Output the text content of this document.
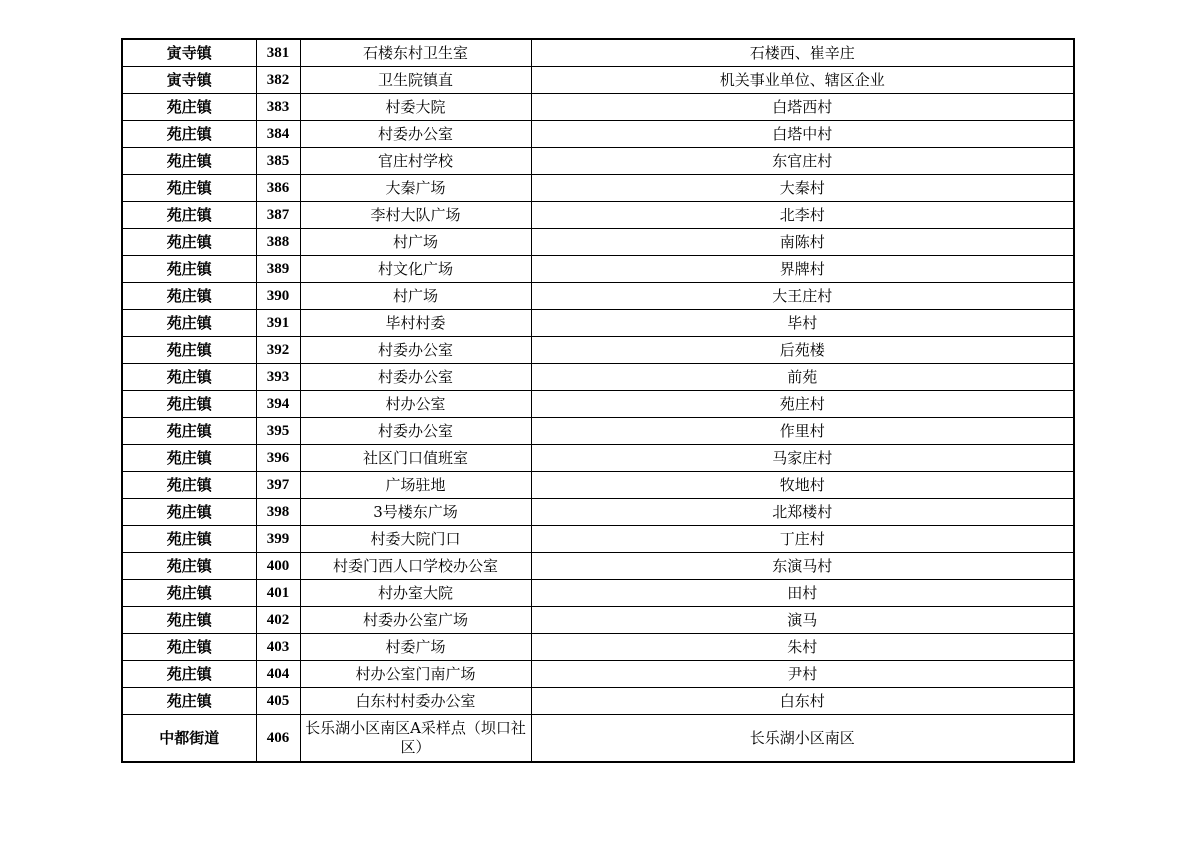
寅寺镇	381	石楼东村卫生室	石楼西、崔辛庄
寅寺镇	382	卫生院镇直	机关事业单位、辖区企业
苑庄镇	383	村委大院	白塔西村
苑庄镇	384	村委办公室	白塔中村
苑庄镇	385	官庄村学校	东官庄村
苑庄镇	386	大秦广场	大秦村
苑庄镇	387	李村大队广场	北李村
苑庄镇	388	村广场	南陈村
苑庄镇	389	村文化广场	界牌村
苑庄镇	390	村广场	大王庄村
苑庄镇	391	毕村村委	毕村
苑庄镇	392	村委办公室	后苑楼
苑庄镇	393	村委办公室	前苑
苑庄镇	394	村办公室	苑庄村
苑庄镇	395	村委办公室	作里村
苑庄镇	396	社区门口值班室	马家庄村
苑庄镇	397	广场驻地	牧地村
苑庄镇	398	3号楼东广场	北郑楼村
苑庄镇	399	村委大院门口	丁庄村
苑庄镇	400	村委门西人口学校办公室	东演马村
苑庄镇	401	村办室大院	田村
苑庄镇	402	村委办公室广场	演马
苑庄镇	403	村委广场	朱村
苑庄镇	404	村办公室门南广场	尹村
苑庄镇	405	白东村村委办公室	白东村
中都街道	406	长乐湖小区南区A采样点（坝口社区）	长乐湖小区南区
